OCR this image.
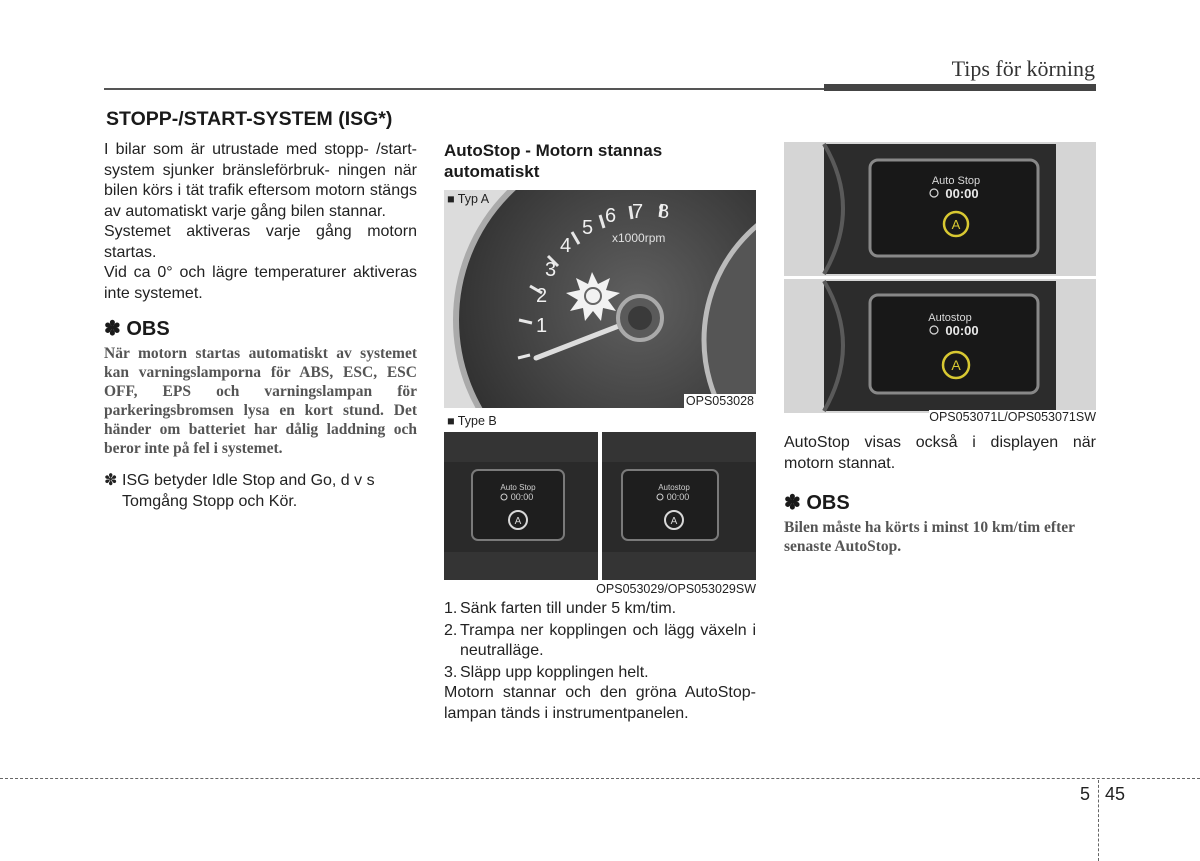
Tips för körning
STOPP-/START-SYSTEM (ISG*)
I bilar som är utrustade med stopp- /start-system sjunker bränsleförbruk- ningen när bilen körs i tät trafik eftersom motorn stängs av automatiskt varje gång bilen stannar.
Systemet aktiveras varje gång motorn startas.
Vid ca 0° och lägre temperaturer aktiveras inte systemet.
✽ OBS
När motorn startas automatiskt av systemet kan varningslamporna för ABS, ESC, ESC OFF, EPS och varningslampan för parkeringsbromsen lysa en kort stund. Det händer om batteriet har dålig laddning och beror inte på fel i systemet.
✽ ISG betyder Idle Stop and Go, d v s Tomgång Stopp och Kör.
AutoStop - Motorn stannas automatiskt
1
2
3
4
5
6 7 8
x1000rpm
■ Typ A
OPS053028
■ Type B
Auto Stop
00:00
A
Autostop
00:00
A
OPS053029/OPS053029SW
1. Sänk farten till under 5 km/tim.
2. Trampa ner kopplingen och lägg växeln i neutralläge.
3. Släpp upp kopplingen helt.
Motorn stannar och den gröna AutoStop- lampan tänds i instrumentpanelen.
Auto Stop
00:00
A
Autostop
00:00
A
OPS053071L/OPS053071SW
AutoStop visas också i displayen när motorn stannat.
✽ OBS
Bilen måste ha körts i minst 10 km/tim efter senaste AutoStop.
5 45
